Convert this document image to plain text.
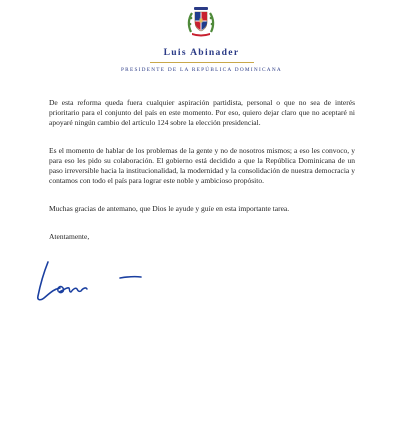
Luis Abinader
PRESIDENTE DE LA REPÚBLICA DOMINICANA

De esta reforma queda fuera cualquier aspiración partidista, personal o que no sea de interés prioritario para el conjunto del país en este momento. Por eso, quiero dejar claro que no aceptaré ni apoyaré ningún cambio del artículo 124 sobre la elección presidencial.

Es el momento de hablar de los problemas de la gente y no de nosotros mismos; a eso les convoco, y para eso les pido su colaboración. El gobierno está decidido a que la República Dominicana de un paso irreversible hacia la institucionalidad, la modernidad y la consolidación de nuestra democracia y contamos con todo el país para lograr este noble y ambicioso propósito.

Muchas gracias de antemano, que Dios le ayude y guíe en esta importante tarea.

Atentamente,
